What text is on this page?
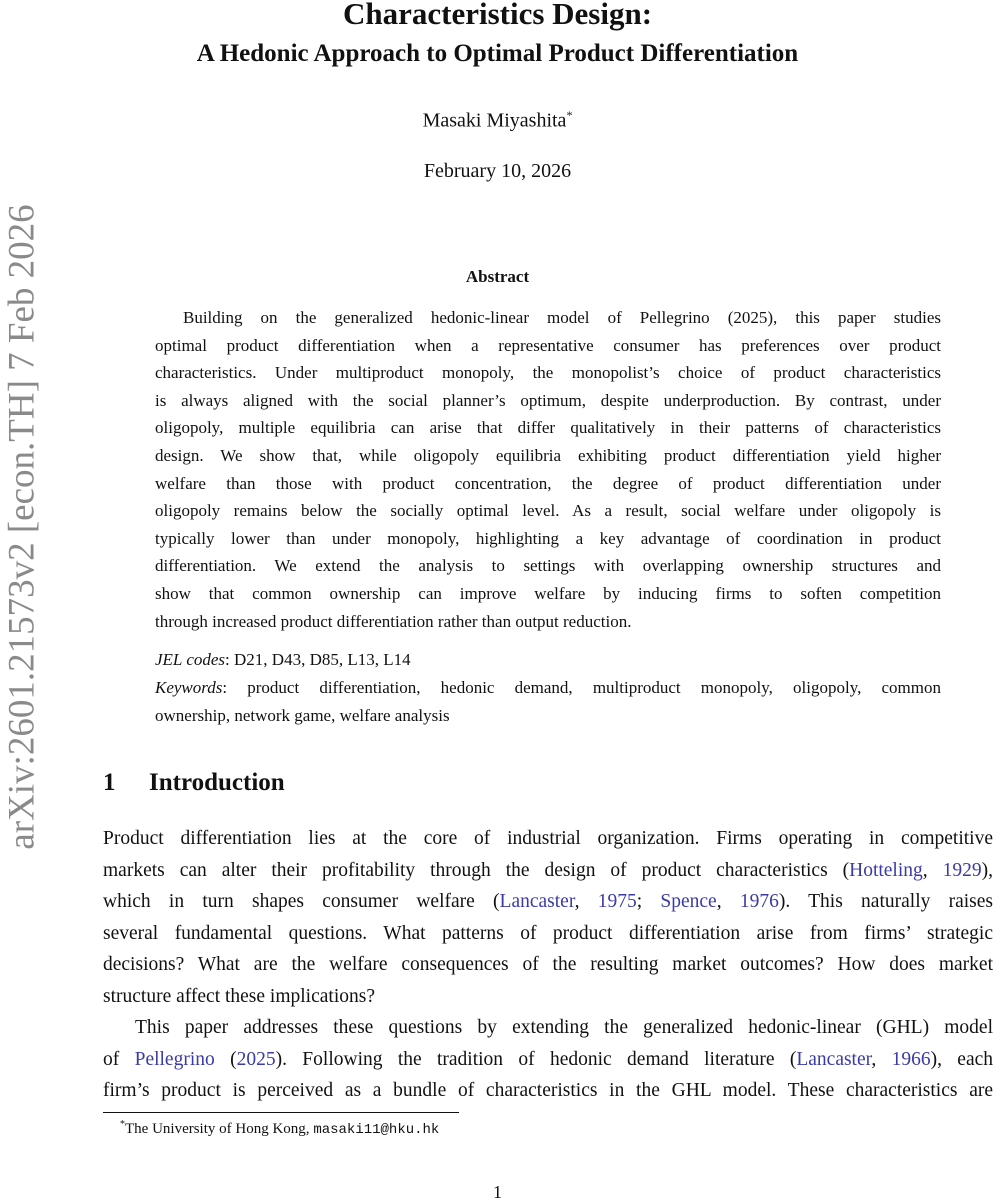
arXiv:2601.21573v2 [econ.TH] 7 Feb 2026
Characteristics Design:
A Hedonic Approach to Optimal Product Differentiation
Masaki Miyashita*
February 10, 2026
Abstract
Building on the generalized hedonic-linear model of Pellegrino (2025), this paper studies
optimal product differentiation when a representative consumer has preferences over product
characteristics. Under multiproduct monopoly, the monopolist’s choice of product characteristics
is always aligned with the social planner’s optimum, despite underproduction. By contrast, under
oligopoly, multiple equilibria can arise that differ qualitatively in their patterns of characteristics
design. We show that, while oligopoly equilibria exhibiting product differentiation yield higher
welfare than those with product concentration, the degree of product differentiation under
oligopoly remains below the socially optimal level. As a result, social welfare under oligopoly is
typically lower than under monopoly, highlighting a key advantage of coordination in product
differentiation. We extend the analysis to settings with overlapping ownership structures and
show that common ownership can improve welfare by inducing firms to soften competition
through increased product differentiation rather than output reduction.
JEL codes: D21, D43, D85, L13, L14
Keywords: product differentiation, hedonic demand, multiproduct monopoly, oligopoly, common
ownership, network game, welfare analysis
1 Introduction
Product differentiation lies at the core of industrial organization. Firms operating in competitive
markets can alter their profitability through the design of product characteristics (Hotteling, 1929),
which in turn shapes consumer welfare (Lancaster, 1975; Spence, 1976). This naturally raises
several fundamental questions. What patterns of product differentiation arise from firms’ strategic
decisions? What are the welfare consequences of the resulting market outcomes? How does market
structure affect these implications?
This paper addresses these questions by extending the generalized hedonic-linear (GHL) model
of Pellegrino (2025). Following the tradition of hedonic demand literature (Lancaster, 1966), each
firm’s product is perceived as a bundle of characteristics in the GHL model. These characteristics are
*The University of Hong Kong, masaki11@hku.hk
1
